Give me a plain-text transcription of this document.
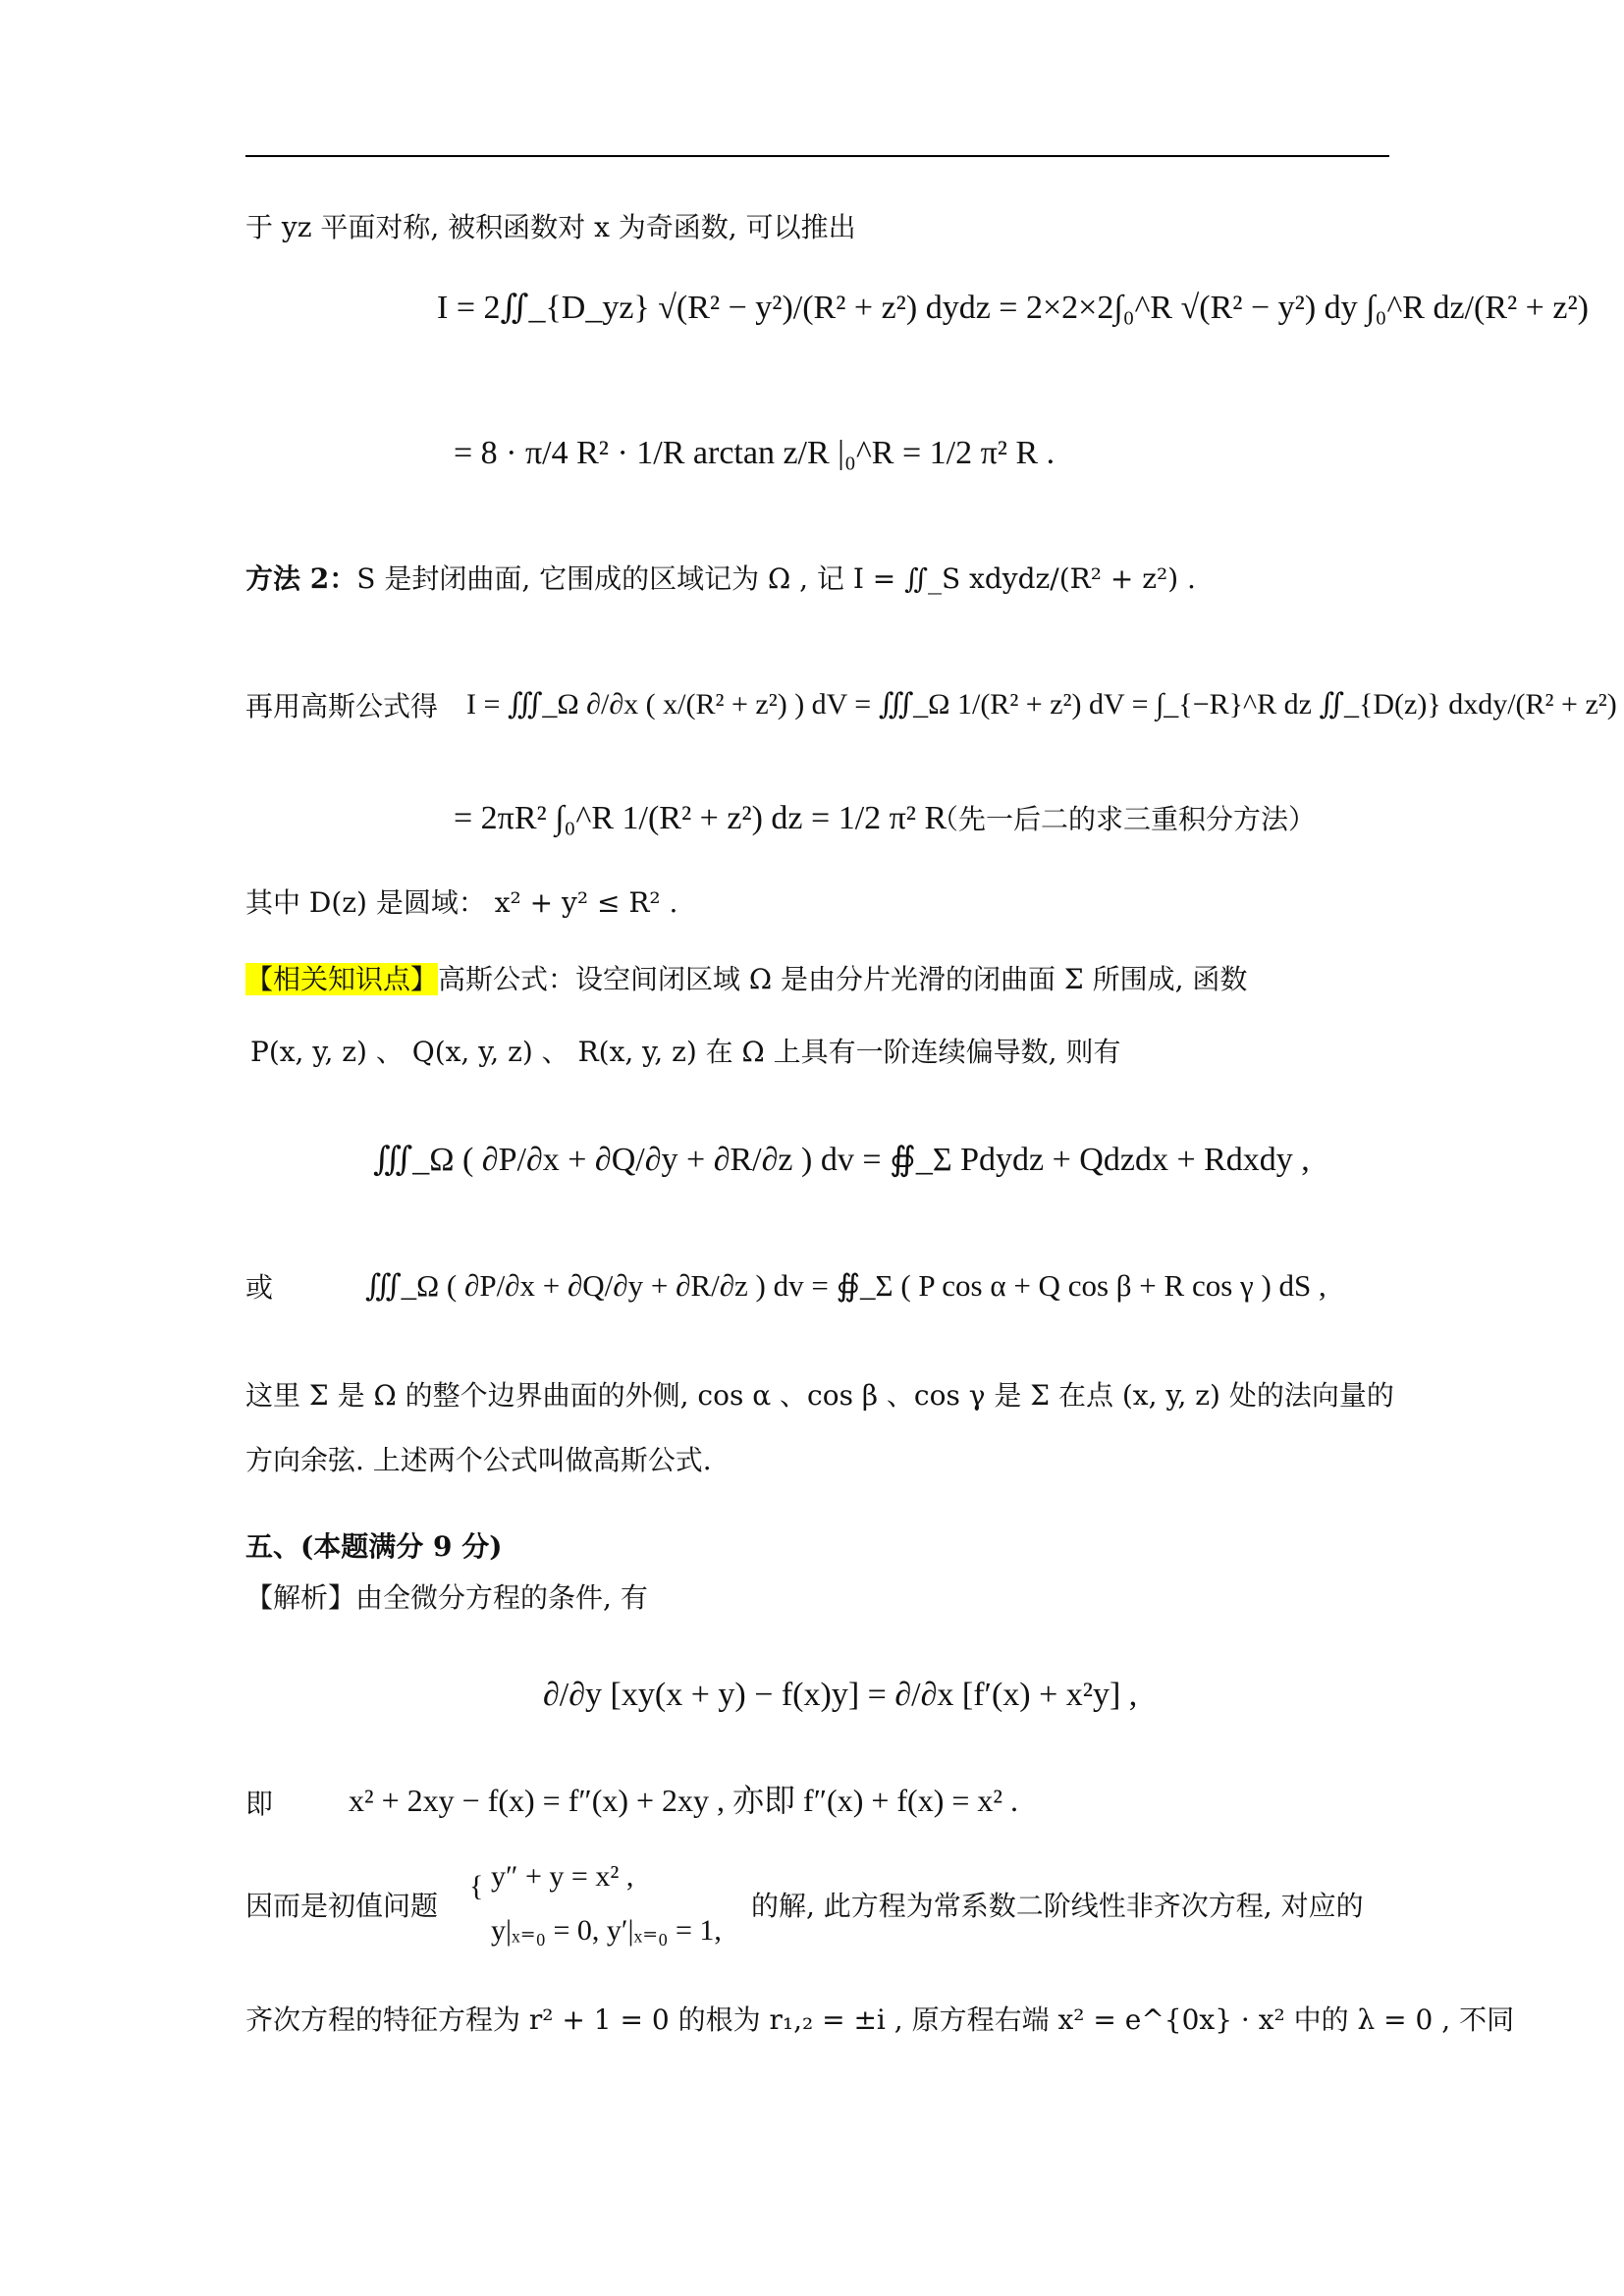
于 yz 平面对称, 被积函数对 x 为奇函数, 可以推出
I = 2∬_{D_yz} √(R² − y²)/(R² + z²) dydz = 2×2×2∫₀^R √(R² − y²) dy ∫₀^R dz/(R² + z²)
= 8 · π/4 R² · 1/R arctan z/R |₀^R = 1/2 π² R .
方法 2：S 是封闭曲面, 它围成的区域记为 Ω , 记 I = ∬_S xdydz/(R² + z²) .
再用高斯公式得 I = ∭_Ω ∂/∂x ( x/(R² + z²) ) dV = ∭_Ω 1/(R² + z²) dV = ∫_{−R}^R dz ∬_{D(z)} dxdy/(R² + z²)
= 2πR² ∫₀^R 1/(R² + z²) dz = 1/2 π² R
（先一后二的求三重积分方法）
其中 D(z) 是圆域： x² + y² ≤ R² .
【相关知识点】高斯公式：设空间闭区域 Ω 是由分片光滑的闭曲面 Σ 所围成, 函数
P(x, y, z) 、 Q(x, y, z) 、 R(x, y, z) 在 Ω 上具有一阶连续偏导数, 则有
∭_Ω ( ∂P/∂x + ∂Q/∂y + ∂R/∂z ) dv = ∯_Σ Pdydz + Qdzdx + Rdxdy ,
或	∭_Ω ( ∂P/∂x + ∂Q/∂y + ∂R/∂z ) dv = ∯_Σ ( P cos α + Q cos β + R cos γ ) dS ,
这里 Σ 是 Ω 的整个边界曲面的外侧, cos α 、cos β 、cos γ 是 Σ 在点 (x, y, z) 处的法向量的
方向余弦. 上述两个公式叫做高斯公式.
五、(本题满分 9 分)
【解析】由全微分方程的条件, 有
∂/∂y [xy(x + y) − f(x)y] = ∂/∂x [f′(x) + x²y] ,
即 x² + 2xy − f(x) = f″(x) + 2xy , 亦即 f″(x) + f(x) = x² .
因而是初值问题
{ y″ + y = x² ,
y|ₓ₌₀ = 0, y′|ₓ₌₀ = 1,
的解, 此方程为常系数二阶线性非齐次方程, 对应的
齐次方程的特征方程为 r² + 1 = 0 的根为 r₁,₂ = ±i , 原方程右端 x² = e^{0x} · x² 中的 λ = 0 , 不同
